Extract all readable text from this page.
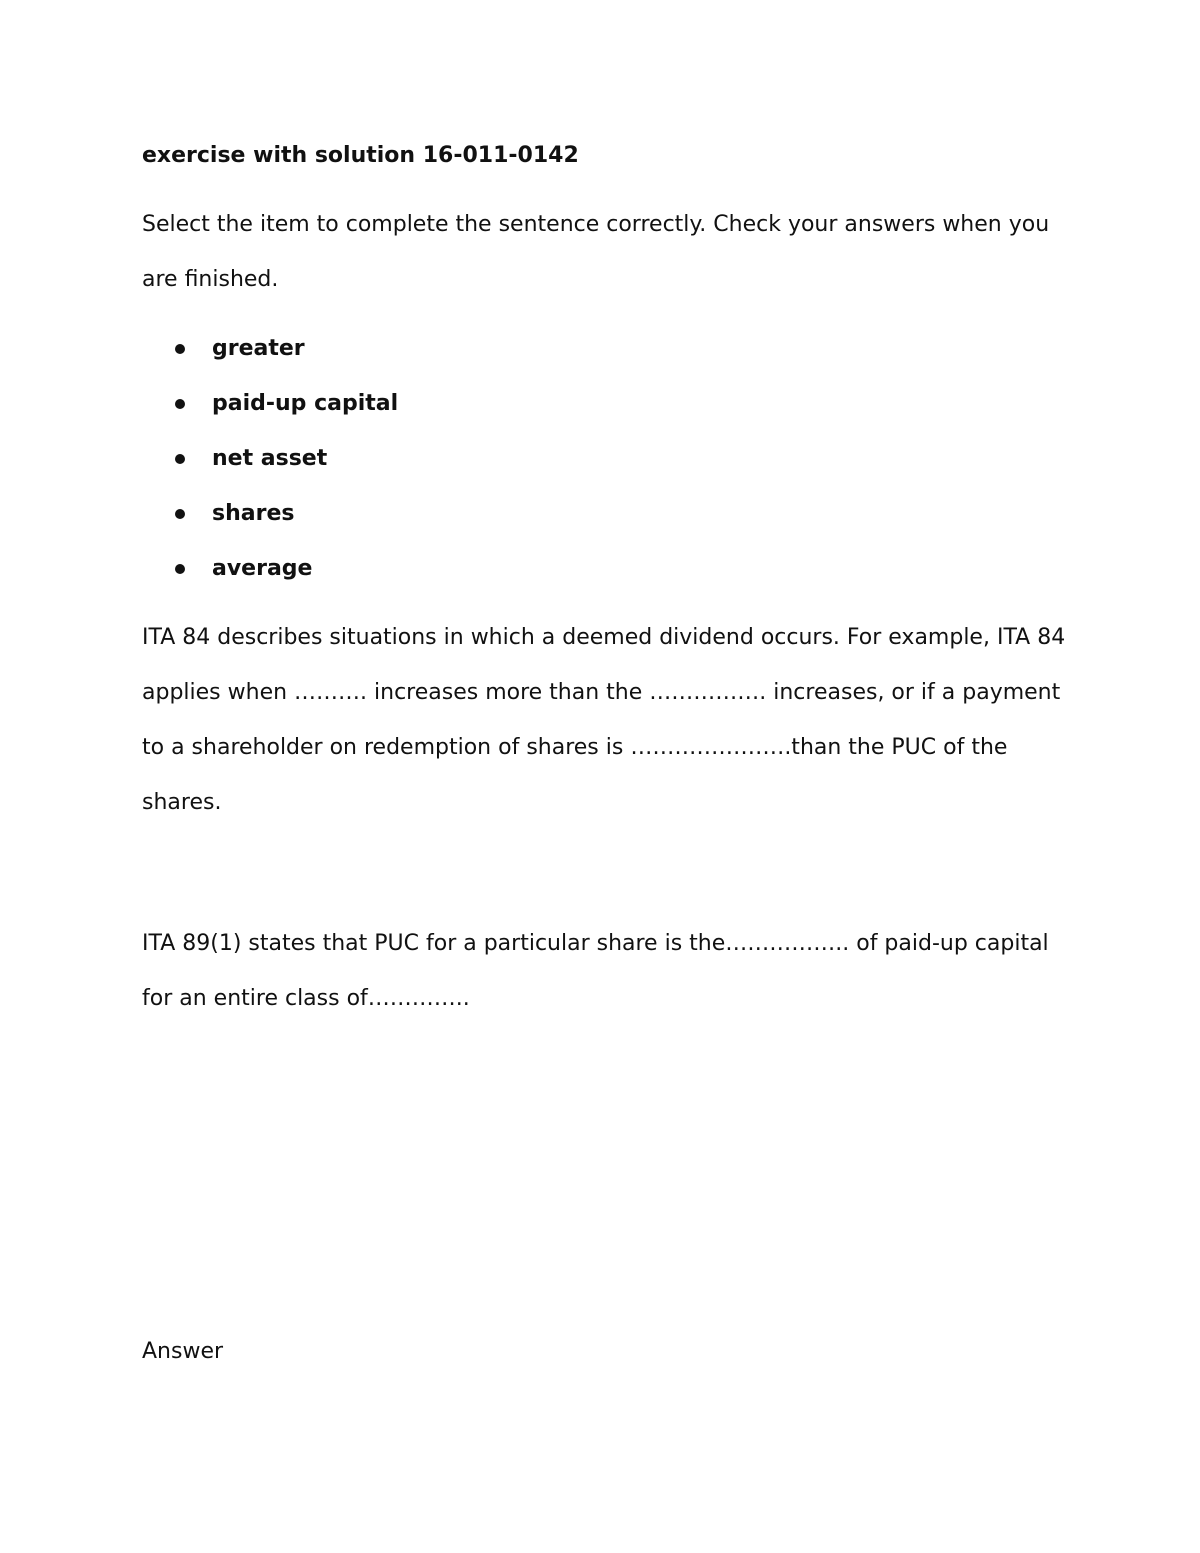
exercise with solution 16-011-0142

Select the item to complete the sentence correctly. Check your answers when you are finished.

greater
paid-up capital
net asset
shares
average

ITA 84 describes situations in which a deemed dividend occurs. For example, ITA 84 applies when ………. increases more than the ……………. increases, or if a payment to a shareholder on redemption of shares is ………………….than the PUC of the shares.

ITA 89(1) states that PUC for a particular share is the…………….. of paid-up capital for an entire class of…………..

Answer
